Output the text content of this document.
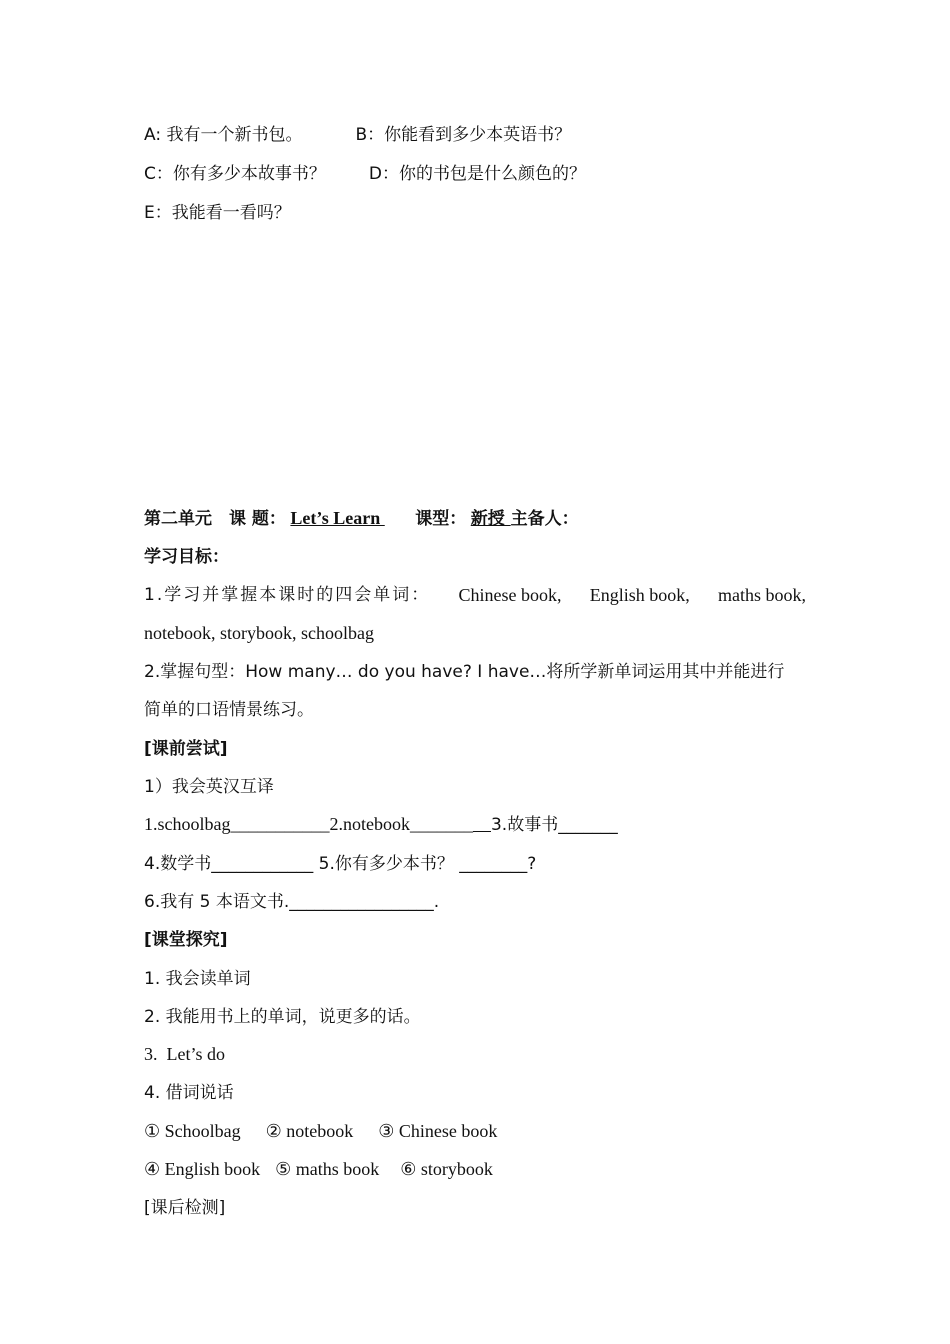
A: 我有一个新书包。	B：你能看到多少本英语书？
C：你有多少本故事书？	D：你的书包是什么颜色的？
E：我能看一看吗？
第二单元 课 题： Let’s Learn  课型： 新授 主备人：
学习目标：
1.学习并掌握本课时的四会单词： Chinese book, English book, maths book,
notebook, storybook, schoolbag
2.掌握句型：How many… do you have? I have…将所学新单词运用其中并能进行
简单的口语情景练习。
[课前尝试]
1）我会英汉互译
1.schoolbag___________2.notebook_______ 3.故事书_______
4.数学书____________ 5.你有多少本书？ ________?
6.我有 5 本语文书._________________.
[课堂探究]
1. 我会读单词
2. 我能用书上的单词，说更多的话。
3.  Let’s do
4. 借词说话
① Schoolbag ② notebook ③ Chinese book
④ English book ⑤ maths book ⑥ storybook
[课后检测]
